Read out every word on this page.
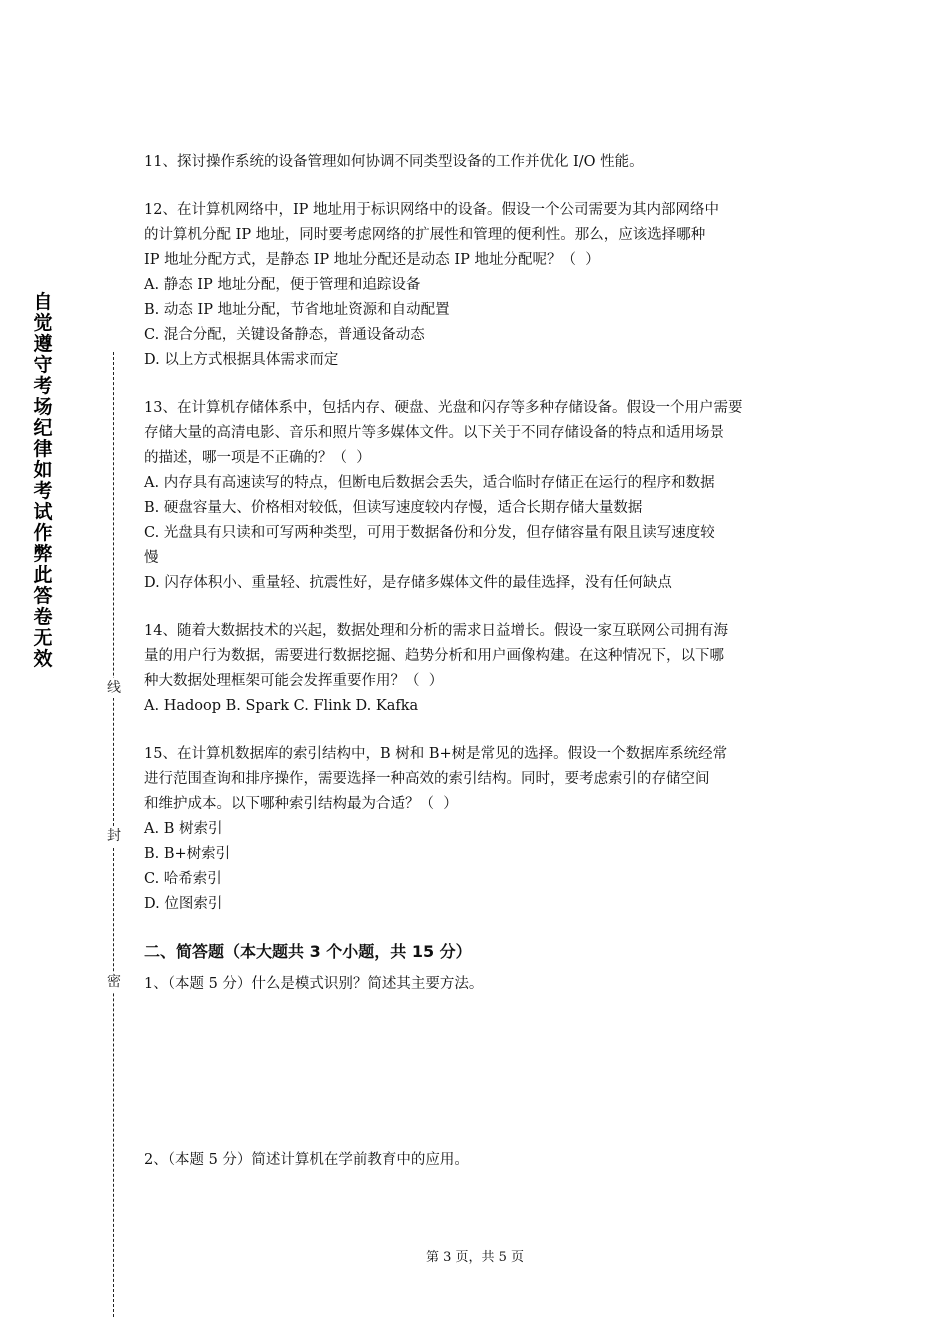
自觉遵守考场纪律如考试作弊此答卷无效
线
封
密
11、探讨操作系统的设备管理如何协调不同类型设备的工作并优化 I/O 性能。
12、在计算机网络中，IP 地址用于标识网络中的设备。假设一个公司需要为其内部网络中
的计算机分配 IP 地址，同时要考虑网络的扩展性和管理的便利性。那么，应该选择哪种
IP 地址分配方式，是静态 IP 地址分配还是动态 IP 地址分配呢？（  ）
A. 静态 IP 地址分配，便于管理和追踪设备
B. 动态 IP 地址分配，节省地址资源和自动配置
C. 混合分配，关键设备静态，普通设备动态
D. 以上方式根据具体需求而定
13、在计算机存储体系中，包括内存、硬盘、光盘和闪存等多种存储设备。假设一个用户需要
存储大量的高清电影、音乐和照片等多媒体文件。以下关于不同存储设备的特点和适用场景
的描述，哪一项是不正确的？（  ）
A. 内存具有高速读写的特点，但断电后数据会丢失，适合临时存储正在运行的程序和数据
B. 硬盘容量大、价格相对较低，但读写速度较内存慢，适合长期存储大量数据
C. 光盘具有只读和可写两种类型，可用于数据备份和分发，但存储容量有限且读写速度较
慢
D. 闪存体积小、重量轻、抗震性好，是存储多媒体文件的最佳选择，没有任何缺点
14、随着大数据技术的兴起，数据处理和分析的需求日益增长。假设一家互联网公司拥有海
量的用户行为数据，需要进行数据挖掘、趋势分析和用户画像构建。在这种情况下，以下哪
种大数据处理框架可能会发挥重要作用？（  ）
A. Hadoop B. Spark C. Flink D. Kafka
15、在计算机数据库的索引结构中，B 树和 B+树是常见的选择。假设一个数据库系统经常
进行范围查询和排序操作，需要选择一种高效的索引结构。同时，要考虑索引的存储空间
和维护成本。以下哪种索引结构最为合适？（  ）
A. B 树索引
B. B+树索引
C. 哈希索引
D. 位图索引
二、简答题（本大题共 3 个小题，共 15 分）
1、（本题 5 分）什么是模式识别？简述其主要方法。
2、（本题 5 分）简述计算机在学前教育中的应用。
第 3 页，共 5 页
